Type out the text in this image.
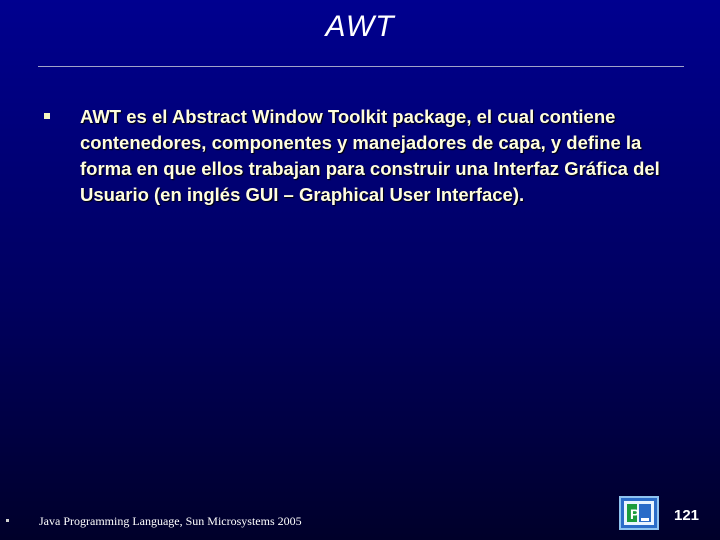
AWT
AWT es el Abstract Window Toolkit package, el cual contiene contenedores, componentes y manejadores de capa, y define la forma en que ellos trabajan para construir una Interfaz Gráfica del Usuario (en inglés GUI – Graphical User Interface).
Java Programming Language, Sun Microsystems 2005	P 121
